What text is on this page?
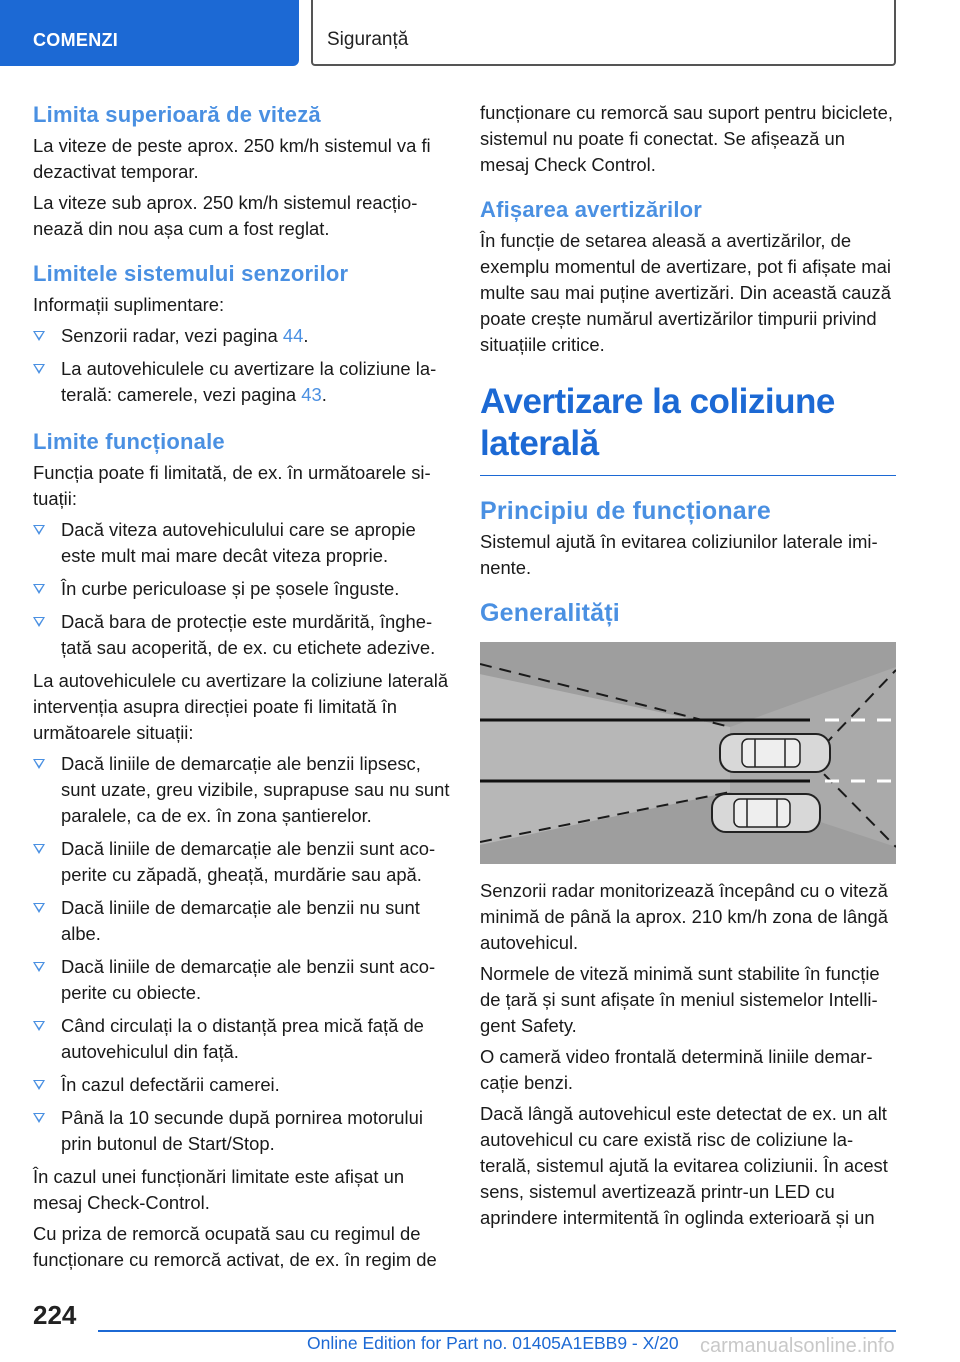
COMENZI	Siguranță
Limita superioară de viteză

La viteze de peste aprox. 250 km/h sistemul va fi dezactivat temporar.

La viteze sub aprox. 250 km/h sistemul reacționează din nou așa cum a fost reglat.

Limitele sistemului senzorilor

Informații suplimentare:

Senzorii radar, vezi pagina 44.
La autovehiculele cu avertizare la coliziune laterală: camerele, vezi pagina 43.
Limite funcționale

Funcția poate fi limitată, de ex. în următoarele situații:

Dacă viteza autovehiculului care se apropie este mult mai mare decât viteza proprie.
În curbe periculoase și pe șosele înguste.
Dacă bara de protecție este murdărită, înghețată sau acoperită, de ex. cu etichete adezive.

La autovehiculele cu avertizare la coliziune laterală intervenția asupra direcției poate fi limitată în următoarele situații:

Dacă liniile de demarcație ale benzii lipsesc, sunt uzate, greu vizibile, suprapuse sau nu sunt paralele, ca de ex. în zona șantierelor.
Dacă liniile de demarcație ale benzii sunt acoperite cu zăpadă, gheață, murdărie sau apă.
Dacă liniile de demarcație ale benzii nu sunt albe.
Dacă liniile de demarcație ale benzii sunt acoperite cu obiecte.
Când circulați la o distanță prea mică față de autovehiculul din față.
În cazul defectării camerei.
Până la 10 secunde după pornirea motorului prin butonul de Start/Stop.

În cazul unei funcționări limitate este afișat un mesaj Check-Control.

Cu priza de remorcă ocupată sau cu regimul de funcționare cu remorcă activat, de ex. în regim de

funcționare cu remorcă sau suport pentru biciclete, sistemul nu poate fi conectat. Se afișează un mesaj Check Control.

Afișarea avertizărilor

În funcție de setarea aleasă a avertizărilor, de exemplu momentul de avertizare, pot fi afișate mai multe sau mai puține avertizări. Din această cauză poate crește numărul avertizărilor timpurii privind situațiile critice.

Avertizare la coliziune
laterală
Principiu de funcționare

Sistemul ajută în evitarea coliziunilor laterale iminente.

Generalități

Senzorii radar monitorizează începând cu o viteză minimă de până la aprox. 210 km/h zona de lângă autovehicul.

Normele de viteză minimă sunt stabilite în funcție de țară și sunt afișate în meniul sistemelor Intelligent Safety.

O cameră video frontală determină liniile demarcație benzi.

Dacă lângă autovehicul este detectat de ex. un alt autovehicul cu care există risc de coliziune laterală, sistemul ajută la evitarea coliziunii. În acest sens, sistemul avertizează printr-un LED cu aprindere intermitentă în oglinda exterioară și un

224
Online Edition for Part no. 01405A1EBB9 - X/20 carmanualsonline.info
